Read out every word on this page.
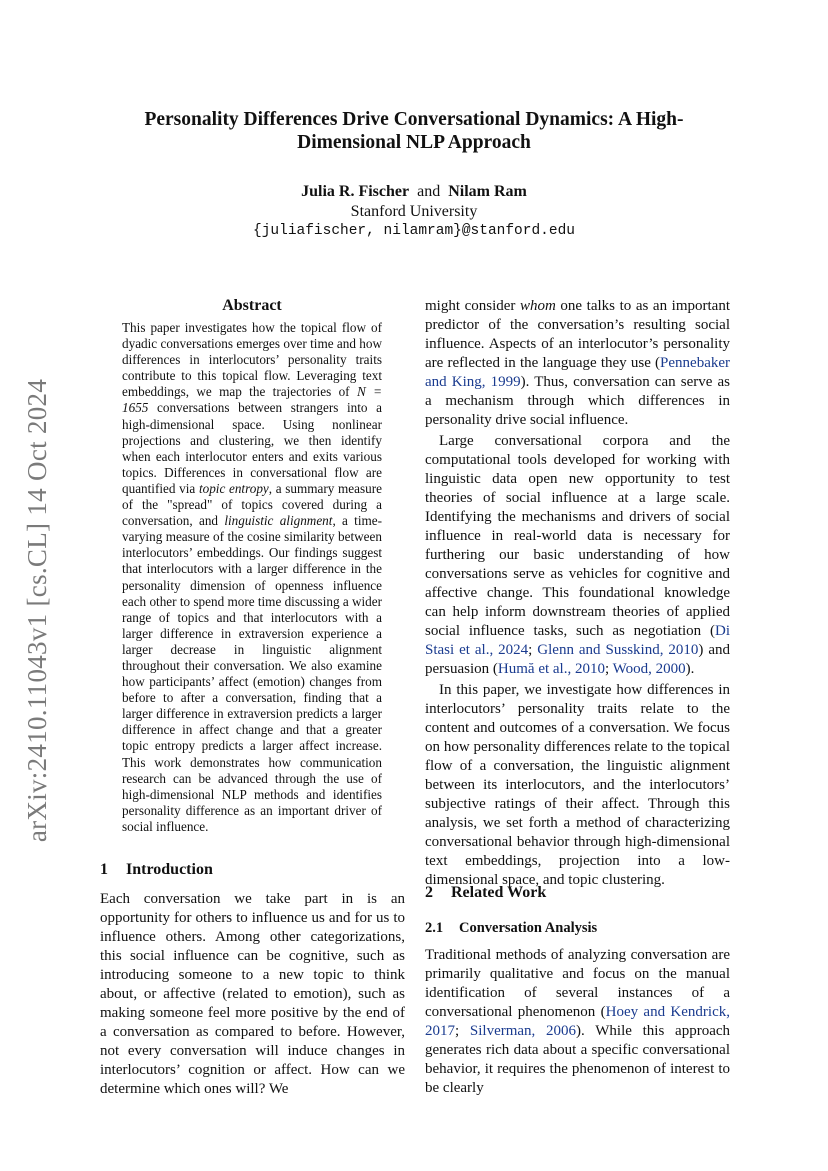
arXiv:2410.11043v1 [cs.CL] 14 Oct 2024
Personality Differences Drive Conversational Dynamics: A High-Dimensional NLP Approach
Julia R. Fischer and Nilam Ram
Stanford University
{juliafischer, nilamram}@stanford.edu
Abstract
This paper investigates how the topical flow of dyadic conversations emerges over time and how differences in interlocutors’ personality traits contribute to this topical flow. Leveraging text embeddings, we map the trajectories of N = 1655 conversations between strangers into a high-dimensional space. Using nonlinear projections and clustering, we then identify when each interlocutor enters and exits various topics. Differences in conversational flow are quantified via topic entropy, a summary measure of the "spread" of topics covered during a conversation, and linguistic alignment, a time-varying measure of the cosine similarity between interlocutors’ embeddings. Our findings suggest that interlocutors with a larger difference in the personality dimension of openness influence each other to spend more time discussing a wider range of topics and that interlocutors with a larger difference in extraversion experience a larger decrease in linguistic alignment throughout their conversation. We also examine how participants’ affect (emotion) changes from before to after a conversation, finding that a larger difference in extraversion predicts a larger difference in affect change and that a greater topic entropy predicts a larger affect increase. This work demonstrates how communication research can be advanced through the use of high-dimensional NLP methods and identifies personality difference as an important driver of social influence.
1 Introduction
Each conversation we take part in is an opportunity for others to influence us and for us to influence others. Among other categorizations, this social influence can be cognitive, such as introducing someone to a new topic to think about, or affective (related to emotion), such as making someone feel more positive by the end of a conversation as compared to before. However, not every conversation will induce changes in interlocutors’ cognition or affect. How can we determine which ones will? We

might consider whom one talks to as an important predictor of the conversation’s resulting social influence. Aspects of an interlocutor’s personality are reflected in the language they use (Pennebaker and King, 1999). Thus, conversation can serve as a mechanism through which differences in personality drive social influence.

Large conversational corpora and the computational tools developed for working with linguistic data open new opportunity to test theories of social influence at a large scale. Identifying the mechanisms and drivers of social influence in real-world data is necessary for furthering our basic understanding of how conversations serve as vehicles for cognitive and affective change. This foundational knowledge can help inform downstream theories of applied social influence tasks, such as negotiation (Di Stasi et al., 2024; Glenn and Susskind, 2010) and persuasion (Humă et al., 2010; Wood, 2000).

In this paper, we investigate how differences in interlocutors’ personality traits relate to the content and outcomes of a conversation. We focus on how personality differences relate to the topical flow of a conversation, the linguistic alignment between its interlocutors, and the interlocutors’ subjective ratings of their affect. Through this analysis, we set forth a method of characterizing conversational behavior through high-dimensional text embeddings, projection into a low-dimensional space, and topic clustering.

2 Related Work
2.1 Conversation Analysis
Traditional methods of analyzing conversation are primarily qualitative and focus on the manual identification of several instances of a conversational phenomenon (Hoey and Kendrick, 2017; Silverman, 2006). While this approach generates rich data about a specific conversational behavior, it requires the phenomenon of interest to be clearly
